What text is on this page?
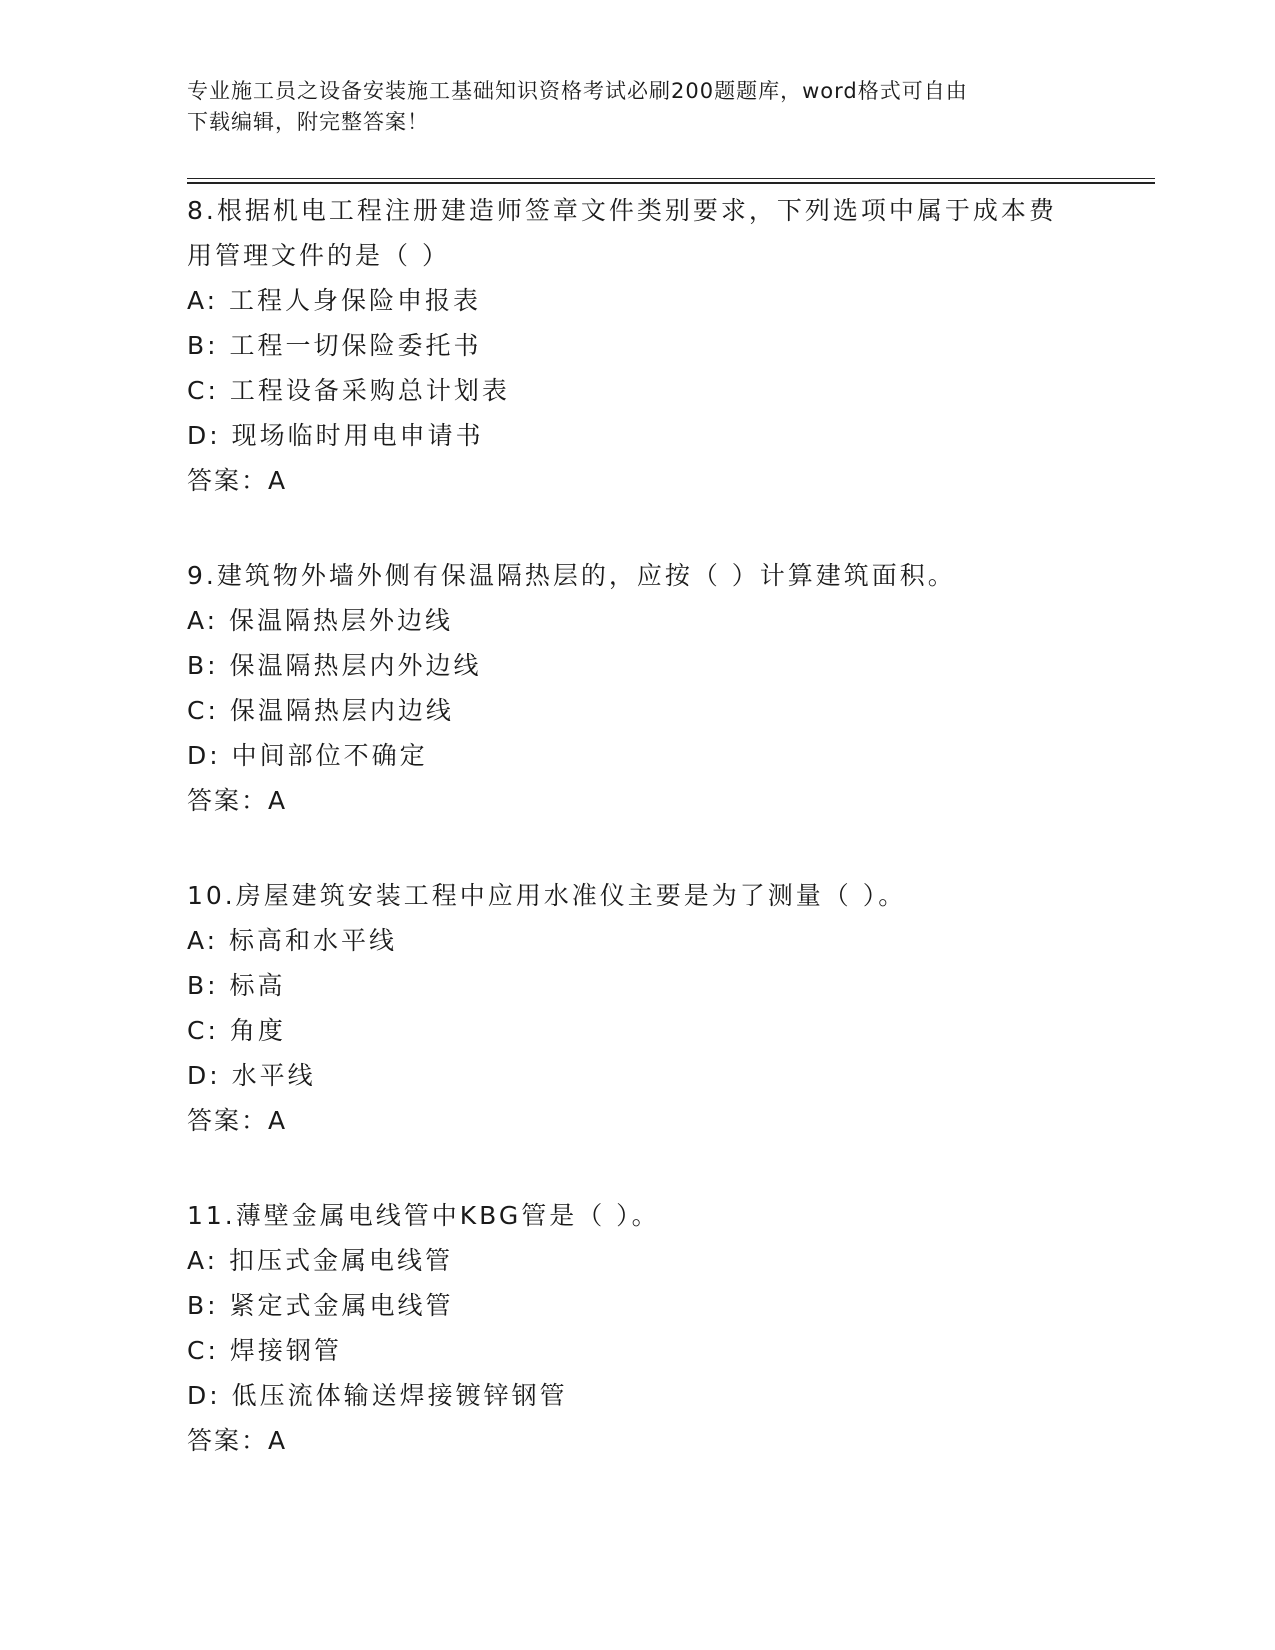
专业施工员之设备安装施工基础知识资格考试必刷200题题库，word格式可自由
下载编辑，附完整答案！
8.根据机电工程注册建造师签章文件类别要求，下列选项中属于成本费用管理文件的是（ ）
A: 工程人身保险申报表
B: 工程一切保险委托书
C: 工程设备采购总计划表
D: 现场临时用电申请书
答案：A
9.建筑物外墙外侧有保温隔热层的，应按（ ）计算建筑面积。
A: 保温隔热层外边线
B: 保温隔热层内外边线
C: 保温隔热层内边线
D: 中间部位不确定
答案：A
10.房屋建筑安装工程中应用水准仪主要是为了测量（ ）。
A: 标高和水平线
B: 标高
C: 角度
D: 水平线
答案：A
11.薄壁金属电线管中KBG管是（ ）。
A: 扣压式金属电线管
B: 紧定式金属电线管
C: 焊接钢管
D: 低压流体输送焊接镀锌钢管
答案：A
